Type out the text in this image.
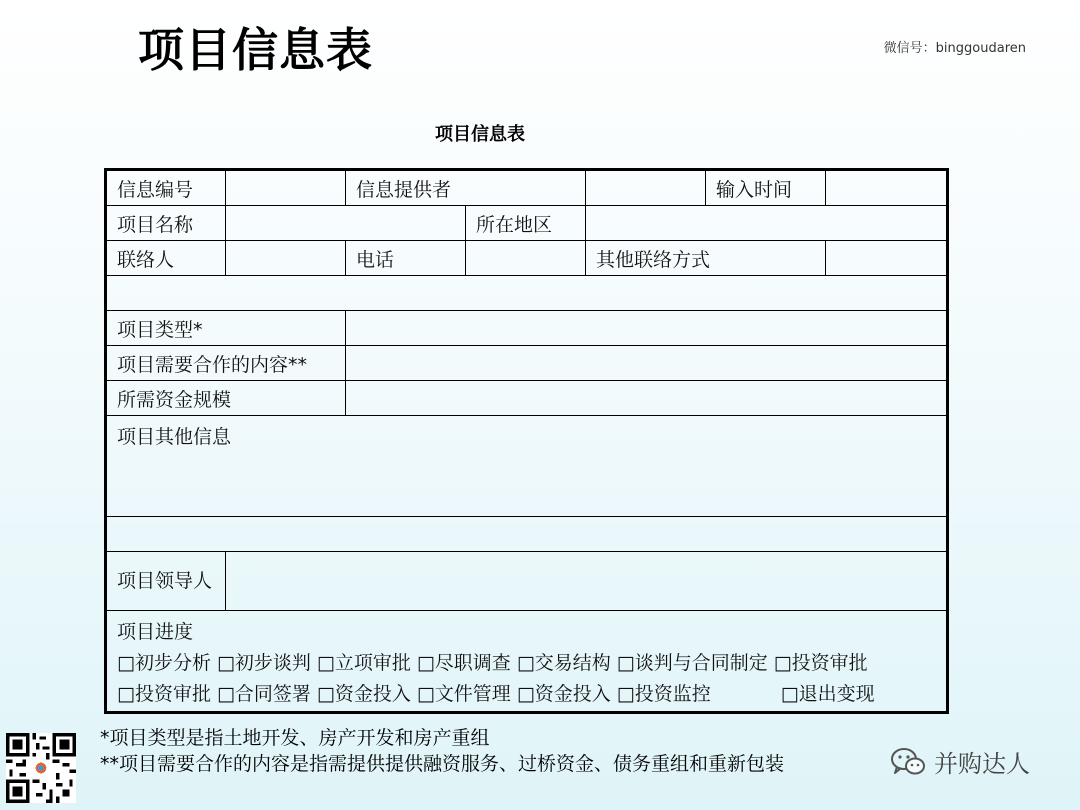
项目信息表	微信号：binggoudaren
项目信息表
信息编号		信息提供者			输入时间	
项目名称			所在地区			
联络人		电话		其他联络方式		

项目类型*						
项目需要合作的内容**						
所需资金规模						
项目其他信息						

项目领导人						

项目进度
□初步分析 □初步谈判 □立项审批 □尽职调查 □交易结构 □谈判与合同制定 □投资审批
□投资审批 □合同签署 □资金投入 □文件管理 □资金投入 □投资监控 □退出变现						
*项目类型是指土地开发、房产开发和房产重组
**项目需要合作的内容是指需提供提供融资服务、过桥资金、债务重组和重新包装	并购达人
